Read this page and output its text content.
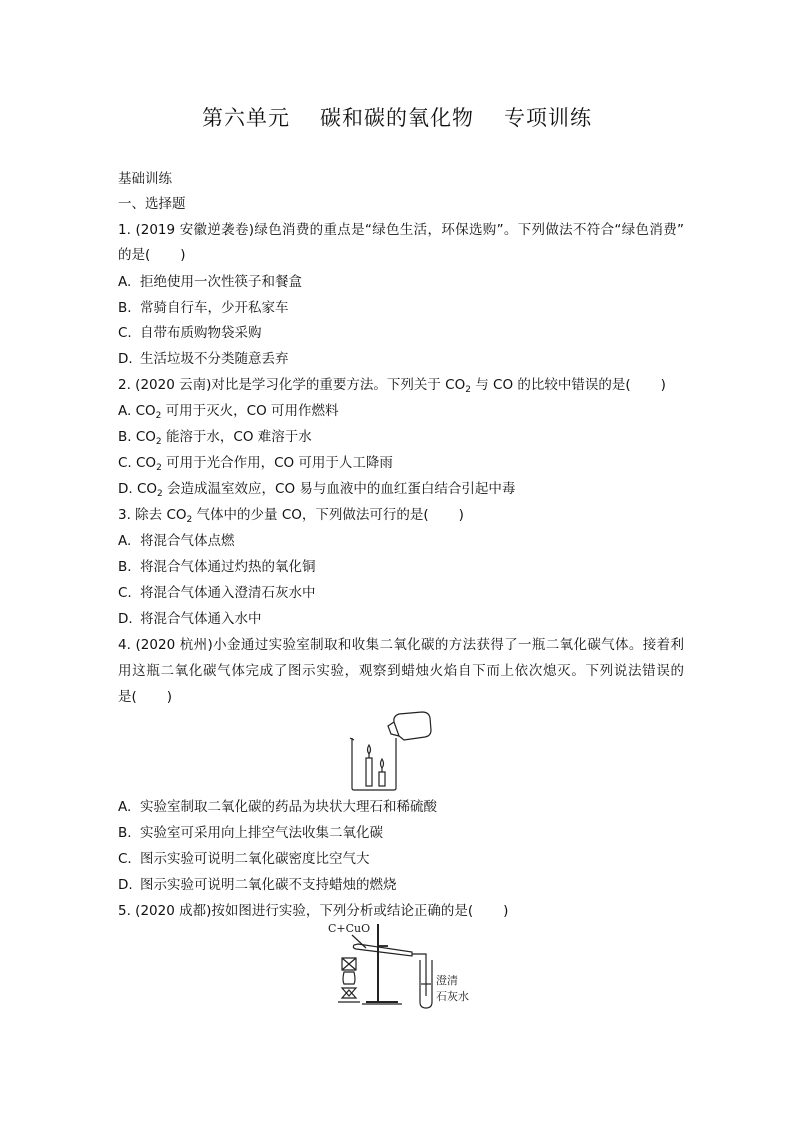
第六单元 碳和碳的氧化物 专项训练
基础训练
一、选择题
1. (2019 安徽逆袭卷)绿色消费的重点是“绿色生活，环保选购”。下列做法不符合“绿色消费”
的是( )
A. 拒绝使用一次性筷子和餐盒
B. 常骑自行车，少开私家车
C. 自带布质购物袋采购
D. 生活垃圾不分类随意丢弃
2. (2020 云南)对比是学习化学的重要方法。下列关于 $CO_2$ 与 CO 的比较中错误的是( )
A. $CO_2$ 可用于灭火，CO 可用作燃料
B. $CO_2$ 能溶于水，CO 难溶于水
C. $CO_2$ 可用于光合作用，CO 可用于人工降雨
D. $CO_2$ 会造成温室效应，CO 易与血液中的血红蛋白结合引起中毒
3. 除去 $CO_2$ 气体中的少量 CO，下列做法可行的是( )
A. 将混合气体点燃
B. 将混合气体通过灼热的氧化铜
C. 将混合气体通入澄清石灰水中
D. 将混合气体通入水中
4. (2020 杭州)小金通过实验室制取和收集二氧化碳的方法获得了一瓶二氧化碳气体。接着利
用这瓶二氧化碳气体完成了图示实验，观察到蜡烛火焰自下而上依次熄灭。下列说法错误的
是( )
A. 实验室制取二氧化碳的药品为块状大理石和稀硫酸
B. 实验室可采用向上排空气法收集二氧化碳
C. 图示实验可说明二氧化碳密度比空气大
D. 图示实验可说明二氧化碳不支持蜡烛的燃烧
5. (2020 成都)按如图进行实验，下列分析或结论正确的是( )
C+CuO
澄清
石灰水
